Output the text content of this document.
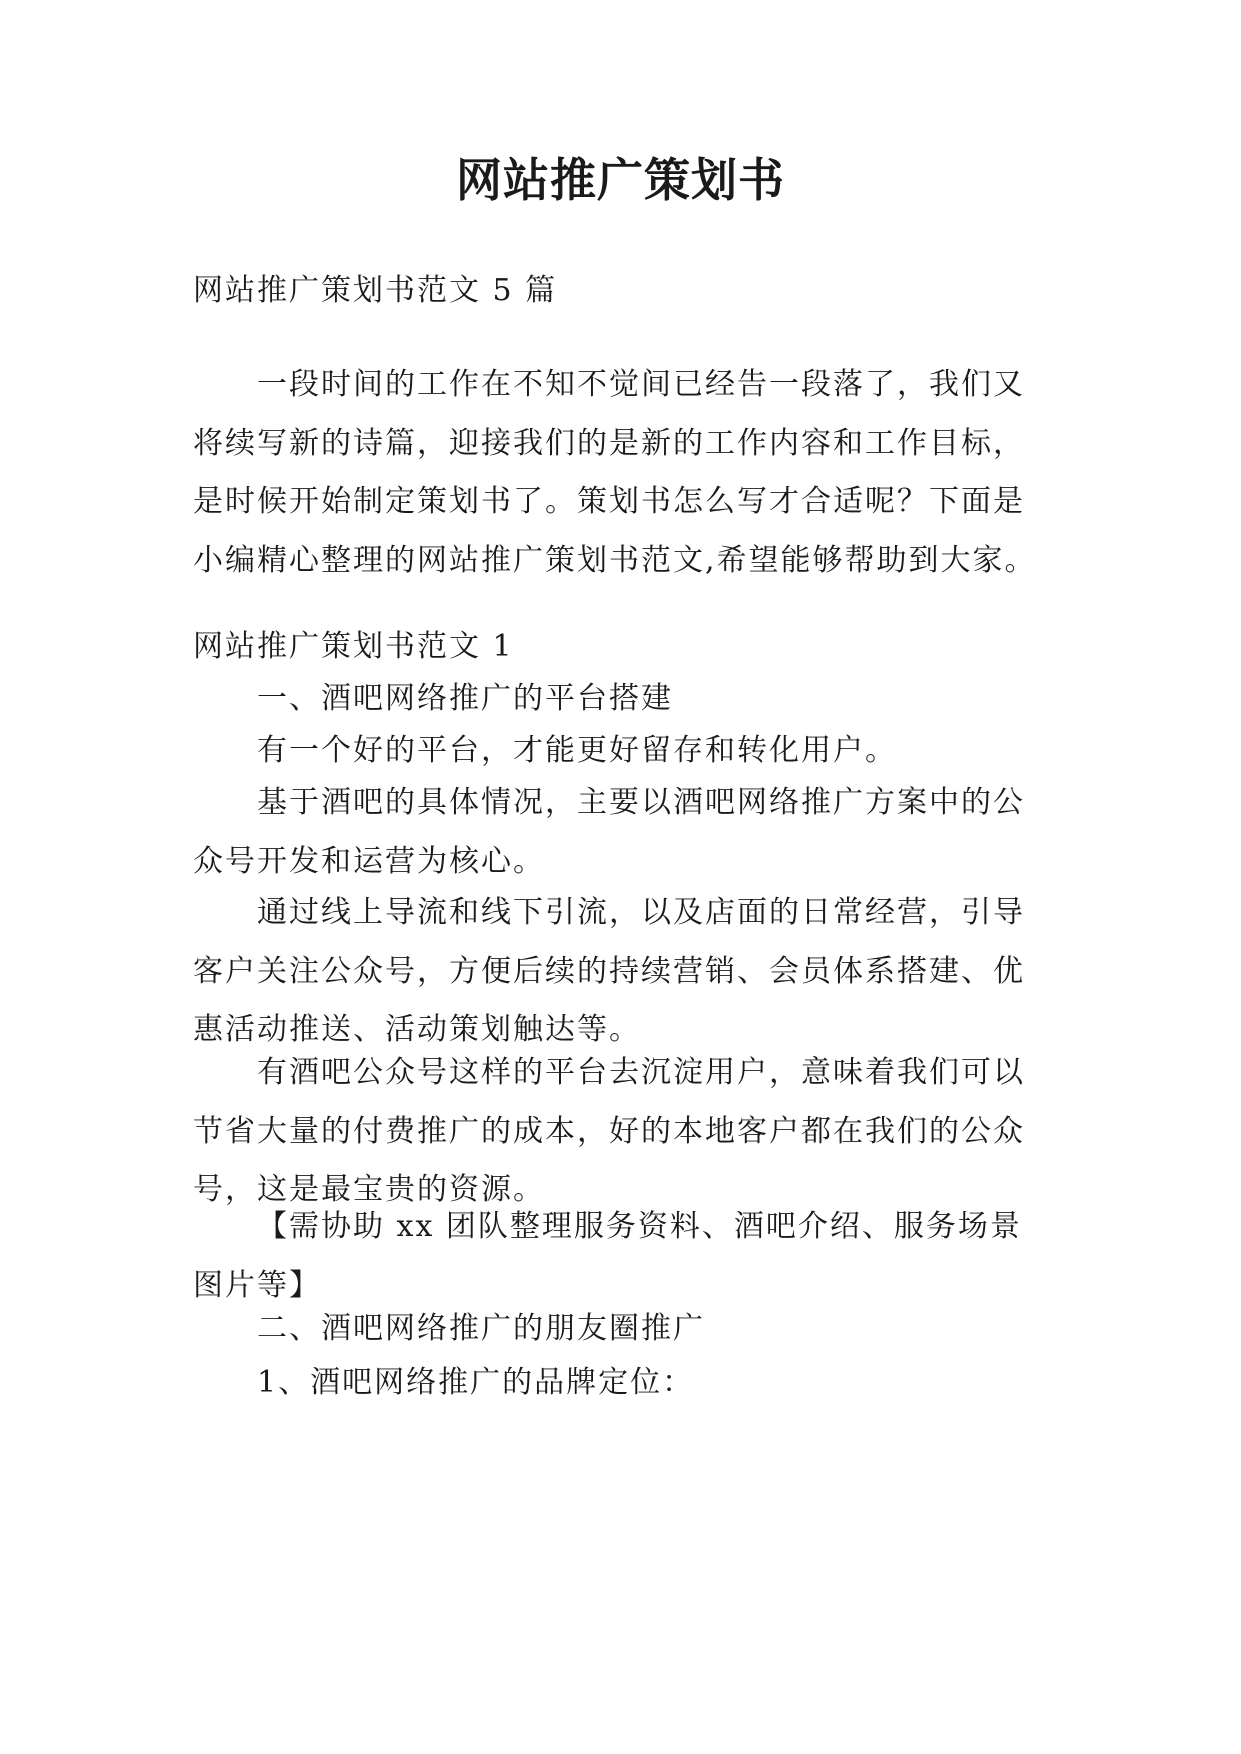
网站推广策划书

网站推广策划书范文 5 篇

一段时间的工作在不知不觉间已经告一段落了，我们又将续写新的诗篇，迎接我们的是新的工作内容和工作目标，是时候开始制定策划书了。策划书怎么写才合适呢？下面是小编精心整理的网站推广策划书范文,希望能够帮助到大家。

网站推广策划书范文 1

一、酒吧网络推广的平台搭建

有一个好的平台，才能更好留存和转化用户。

基于酒吧的具体情况，主要以酒吧网络推广方案中的公众号开发和运营为核心。

通过线上导流和线下引流，以及店面的日常经营，引导客户关注公众号，方便后续的持续营销、会员体系搭建、优惠活动推送、活动策划触达等。

有酒吧公众号这样的平台去沉淀用户，意味着我们可以节省大量的付费推广的成本，好的本地客户都在我们的公众号，这是最宝贵的资源。

【需协助 xx 团队整理服务资料、酒吧介绍、服务场景图片等】

二、酒吧网络推广的朋友圈推广

1、酒吧网络推广的品牌定位：
